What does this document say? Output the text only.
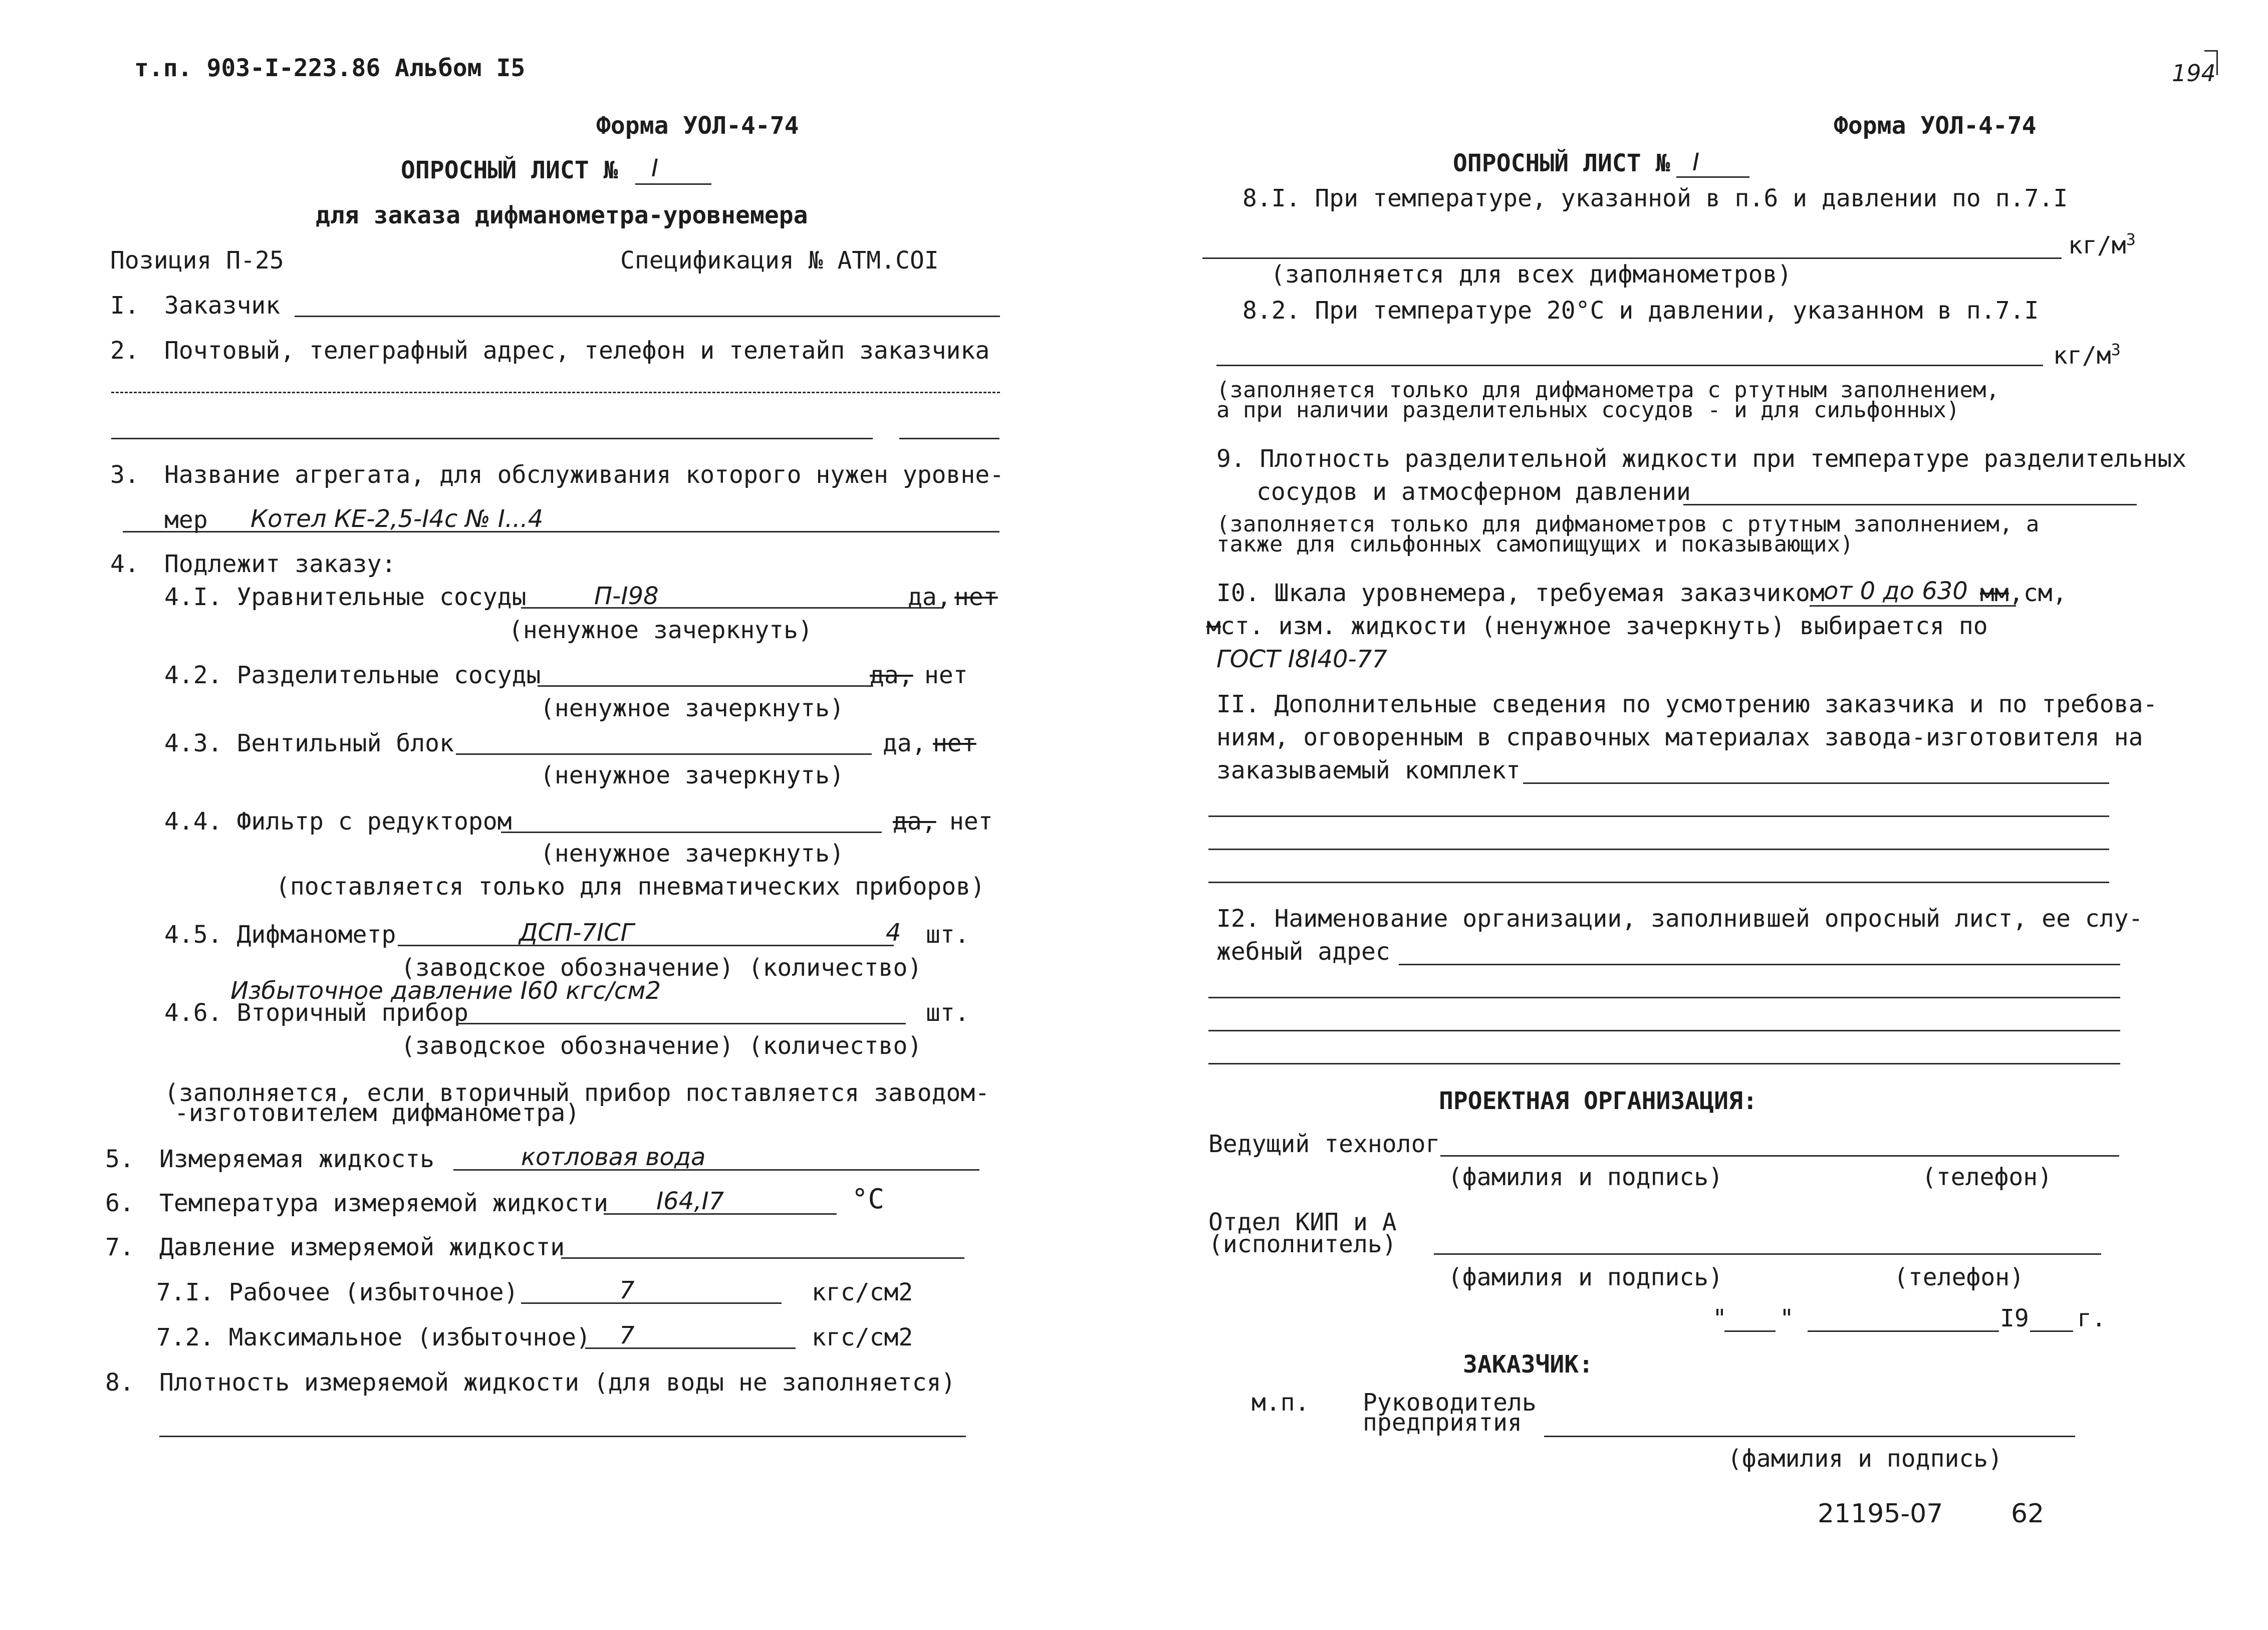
т.п. 903-I-223.86 Альбом I5	194
Форма УОЛ-4-74
ОПРОСНЫЙ ЛИСТ № I
для заказа дифманометра-уровнемера
Позиция П-25	Спецификация № АТМ.СОI
I. Заказчик
2. Почтовый, телеграфный адрес, телефон и телетайп заказчика
3. Название агрегата, для обслуживания которого нужен уровне-
мер Котел КЕ-2,5-I4с № I...4
4. Подлежит заказу:
4.I. Уравнительные сосуды	П-I98	да, нет
(ненужное зачеркнуть)
4.2. Разделительные сосуды	да, нет
(ненужное зачеркнуть)
4.3. Вентильный блок	да, нет
(ненужное зачеркнуть)
4.4. Фильтр с редуктором	да, нет
(ненужное зачеркнуть)
(поставляется только для пневматических приборов)
4.5. Дифманометр	ДСП-7IСГ	4 шт.
(заводское обозначение) (количество)
Избыточное давление I60 кгс/см2
4.6. Вторичный прибор	шт.
(заводское обозначение) (количество)
(заполняется, если вторичный прибор поставляется заводом-
-изготовителем дифманометра)
5. Измеряемая жидкость	котловая вода
6. Температура измеряемой жидкости I64,I7	°С
7. Давление измеряемой жидкости
7.I. Рабочее (избыточное)	7	кгс/см2
7.2. Максимальное (избыточное) 7	кгс/см2
8. Плотность измеряемой жидкости (для воды не заполняется)
Форма УОЛ-4-74
ОПРОСНЫЙ ЛИСТ № I
8.I. При температуре, указанной в п.6 и давлении по п.7.I
$кг/м^3$
(заполняется для всех дифманометров)
8.2. При температуре 20°С и давлении, указанном в п.7.I
$кг/м^3$
(заполняется только для дифманометра с ртутным заполнением,
а при наличии разделительных сосудов - и для сильфонных)
9. Плотность разделительной жидкости при температуре разделительных
сосудов и атмосферном давлении
(заполняется только для дифманометров с ртутным заполнением, а
также для сильфонных самопищущих и показывающих)
I0. Шкала уровнемера, требуемая заказчиком
от 0 до 630 мм ,см,
м ст. изм. жидкости (ненужное зачеркнуть) выбирается по
ГОСТ I8I40-77
II. Дополнительные сведения по усмотрению заказчика и по требова-
ниям, оговоренным в справочных материалах завода-изготовителя на
заказываемый комплект
I2. Наименование организации, заполнившей опросный лист, ее слу-
жебный адрес
ПРОЕКТНАЯ ОРГАНИЗАЦИЯ:
Ведущий технолог
(фамилия и подпись)	(телефон)
Отдел КИП и А
(исполнитель)
(фамилия и подпись)	(телефон)
" "	I9 г.
ЗАКАЗЧИК:
м.п. Руководитель
предприятия
(фамилия и подпись)
21195-07	62
